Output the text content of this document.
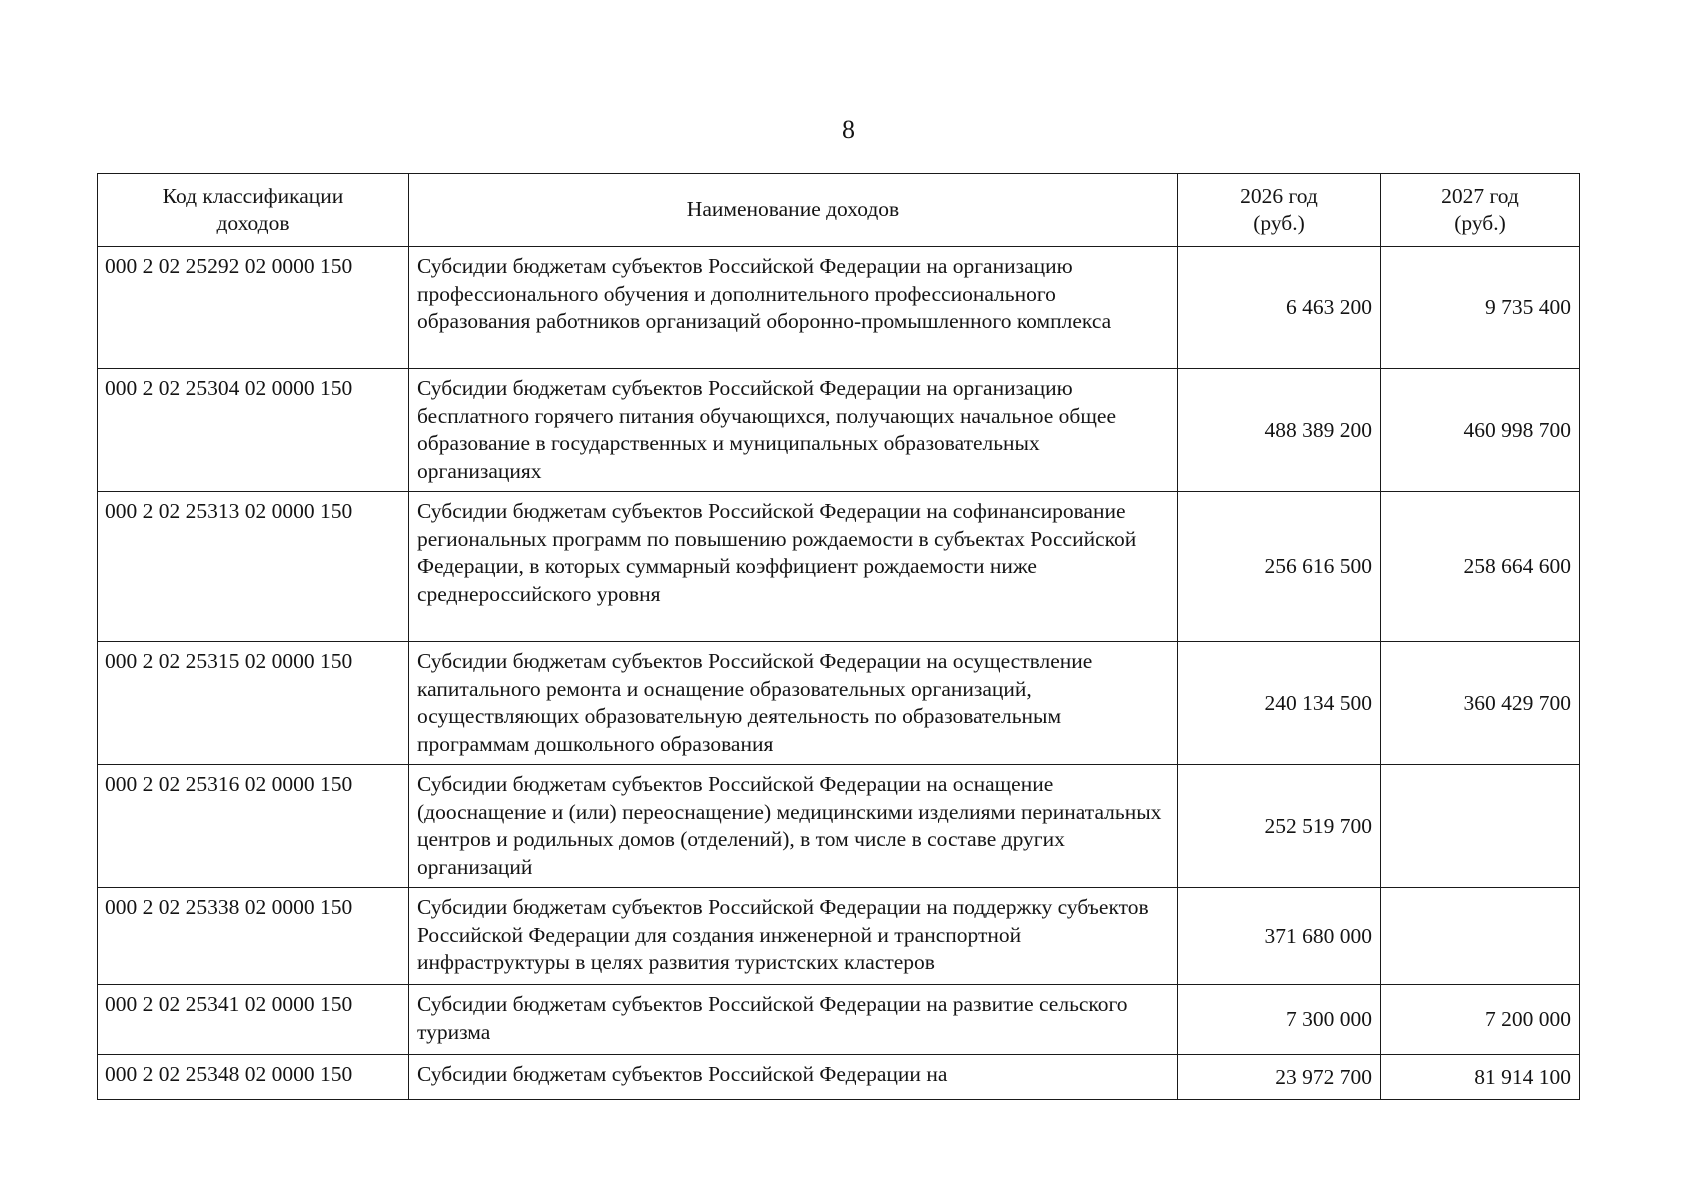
8
Код классификации доходов	Наименование доходов	2026 год (руб.)	2027 год (руб.)
000 2 02 25292 02 0000 150	Субсидии бюджетам субъектов Российской Федерации на организацию профессионального обучения и дополнительного профессионального образования работников организаций оборонно-промышленного комплекса	6 463 200	9 735 400
000 2 02 25304 02 0000 150	Субсидии бюджетам субъектов Российской Федерации на организацию бесплатного горячего питания обучающихся, получающих начальное общее образование в государственных и муниципальных образовательных организациях	488 389 200	460 998 700
000 2 02 25313 02 0000 150	Субсидии бюджетам субъектов Российской Федерации на софинансирование региональных программ по повышению рождаемости в субъектах Российской Федерации, в которых суммарный коэффициент рождаемости ниже среднероссийского уровня	256 616 500	258 664 600
000 2 02 25315 02 0000 150	Субсидии бюджетам субъектов Российской Федерации на осуществление капитального ремонта и оснащение образовательных организаций, осуществляющих образовательную деятельность по образовательным программам дошкольного образования	240 134 500	360 429 700
000 2 02 25316 02 0000 150	Субсидии бюджетам субъектов Российской Федерации на оснащение (дооснащение и (или) переоснащение) медицинскими изделиями перинатальных центров и родильных домов (отделений), в том числе в составе других организаций	252 519 700	
000 2 02 25338 02 0000 150	Субсидии бюджетам субъектов Российской Федерации на поддержку субъектов Российской Федерации для создания инженерной и транспортной инфраструктуры в целях развития туристских кластеров	371 680 000	
000 2 02 25341 02 0000 150	Субсидии бюджетам субъектов Российской Федерации на развитие сельского туризма	7 300 000	7 200 000
000 2 02 25348 02 0000 150	Субсидии бюджетам субъектов Российской Федерации на	23 972 700	81 914 100
